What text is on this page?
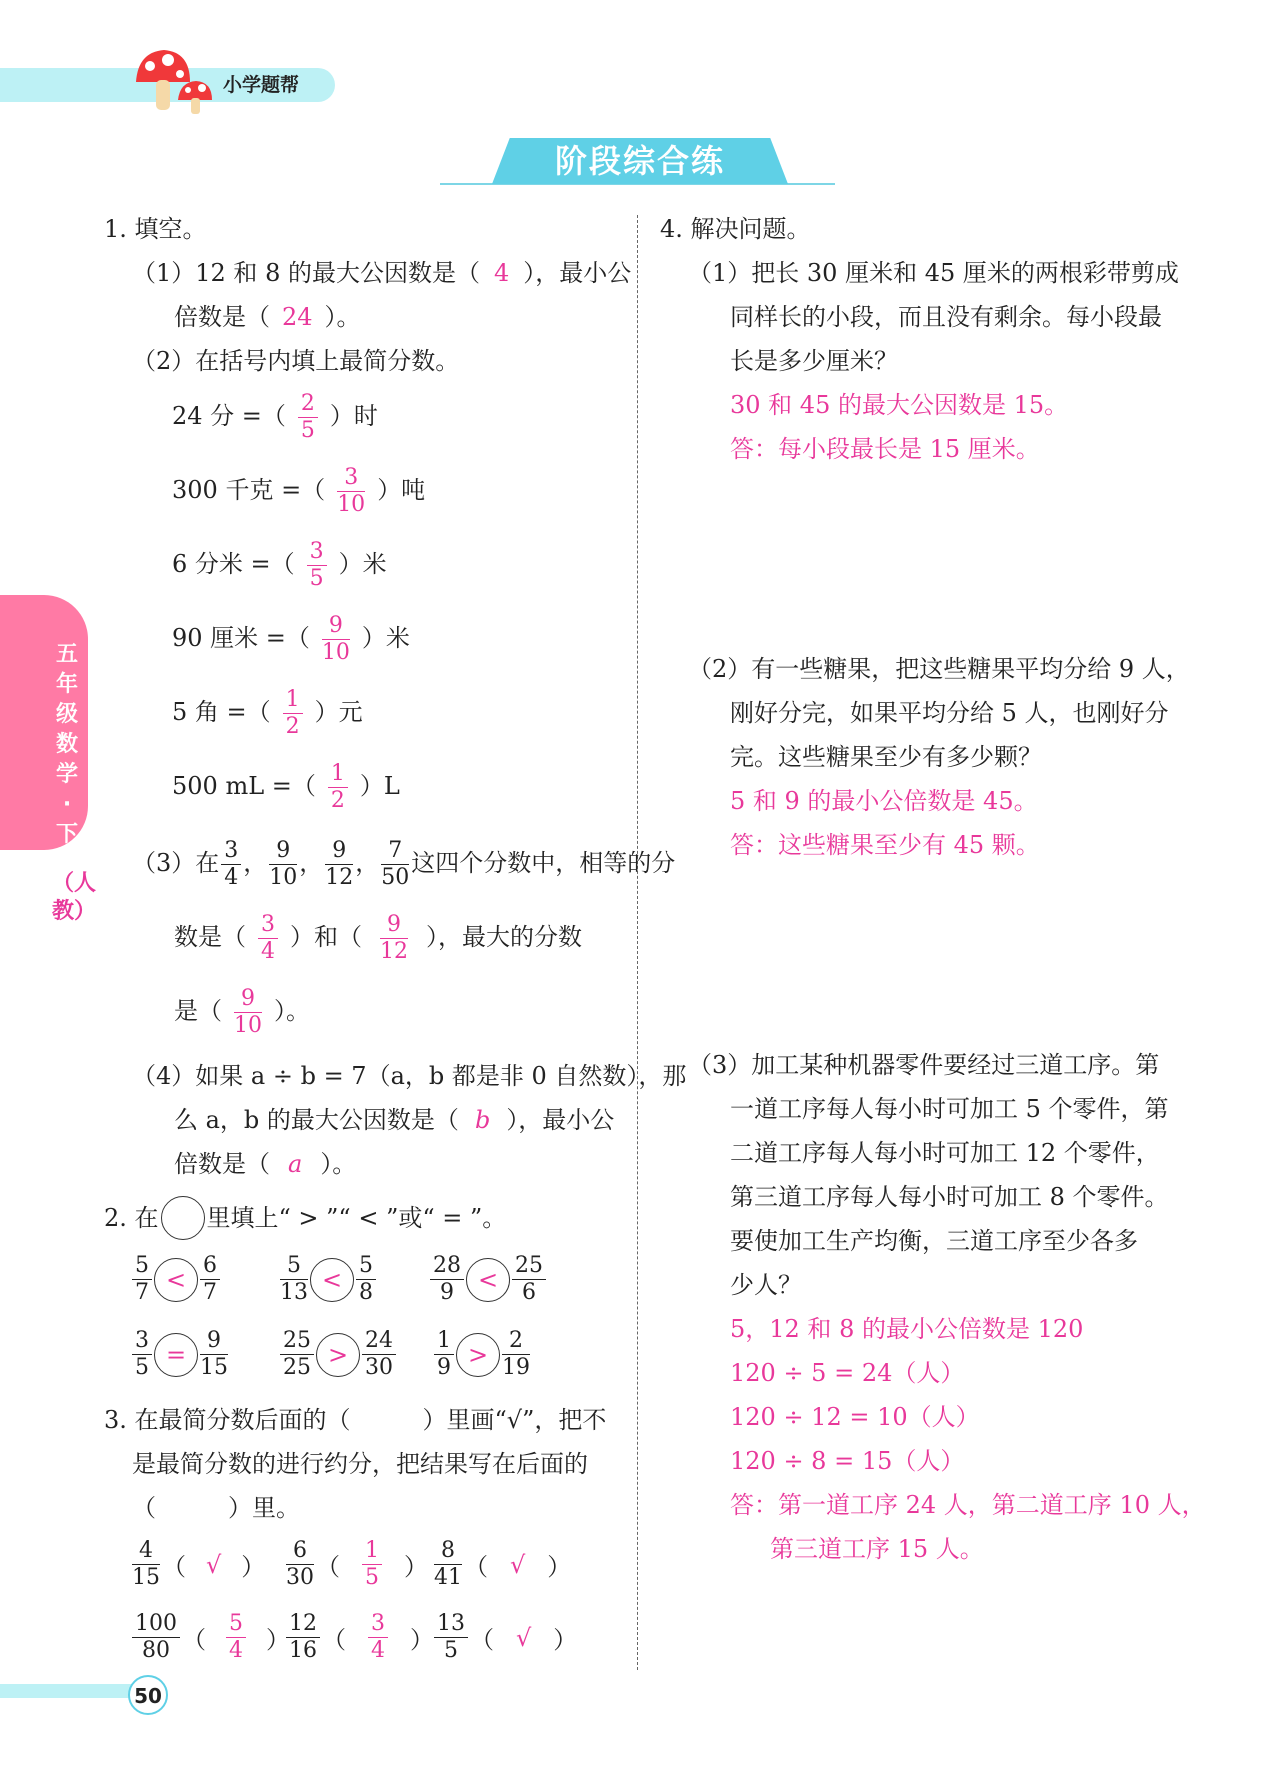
小学题帮
阶段综合练
五年级数学·下
（人教）
1. 填空。
（1）12 和 8 的最大公因数是（ 4 ），最小公
倍数是（ 24 ）。
（2）在括号内填上最简分数。
24 分 =（ $\frac{2}{5}$ ）时
300 千克 =（ $\frac{3}{10}$ ）吨
6 分米 =（ $\frac{3}{5}$ ）米
90 厘米 =（ $\frac{9}{10}$ ）米
5 角 =（ $\frac{1}{2}$ ）元
500 mL =（ $\frac{1}{2} )L$
（3）在 $\frac{3}{4}$ ， $\frac{9}{10}$ ， $\frac{9}{12}$ ， $\frac{7}{50}$ 这四个分数中，相等的分
数是（ $\frac{3}{4}$ ）和（ $\frac{9}{12}$ ），最大的分数
是（ $\frac{9}{10}$ ）。
（4）如果 a ÷ b = 7（a，b 都是非 0 自然数），那
么 a，b 的最大公因数是（ b ），最小公
倍数是（ a ）。
2. 在 里填上“ > ”“ < ”或“ = ”。
$\frac{5}{7} < \frac{6}{7}$	$\frac{5}{13} < \frac{5}{8} \frac{28}{9} < \frac{25}{6}$
$\frac{3}{5} = \frac{9}{15} \frac{25}{25} > \frac{24}{30} \frac{1}{9} > \frac{2}{19}$
3. 在最简分数后面的（　　　）里画“√”，把不
是最简分数的进行约分，把结果写在后面的
（　　　）里。
$\frac{4}{15}$ （ √ ） $\frac{6}{30}$ （ $\frac{1}{5}$ ） $\frac{8}{41}$ （ √ ）
$\frac{100}{80}$ （ $\frac{5}{4}$ ）
$\frac{12}{16}$ （ $\frac{3}{4}$ ） $\frac{13}{5}$ （ √ ）
4. 解决问题。
（1）把长 30 厘米和 45 厘米的两根彩带剪成
同样长的小段，而且没有剩余。每小段最
长是多少厘米？
30 和 45 的最大公因数是 15。
答：每小段最长是 15 厘米。
（2）有一些糖果，把这些糖果平均分给 9 人，
刚好分完，如果平均分给 5 人，也刚好分
完。这些糖果至少有多少颗？
5 和 9 的最小公倍数是 45。
答：这些糖果至少有 45 颗。
（3）加工某种机器零件要经过三道工序。第
一道工序每人每小时可加工 5 个零件，第
二道工序每人每小时可加工 12 个零件，
第三道工序每人每小时可加工 8 个零件。
要使加工生产均衡，三道工序至少各多
少人？
5，12 和 8 的最小公倍数是 120
120 ÷ 5 = 24（人）
120 ÷ 12 = 10（人）
120 ÷ 8 = 15（人）
答：第一道工序 24 人，第二道工序 10 人，
第三道工序 15 人。
50
